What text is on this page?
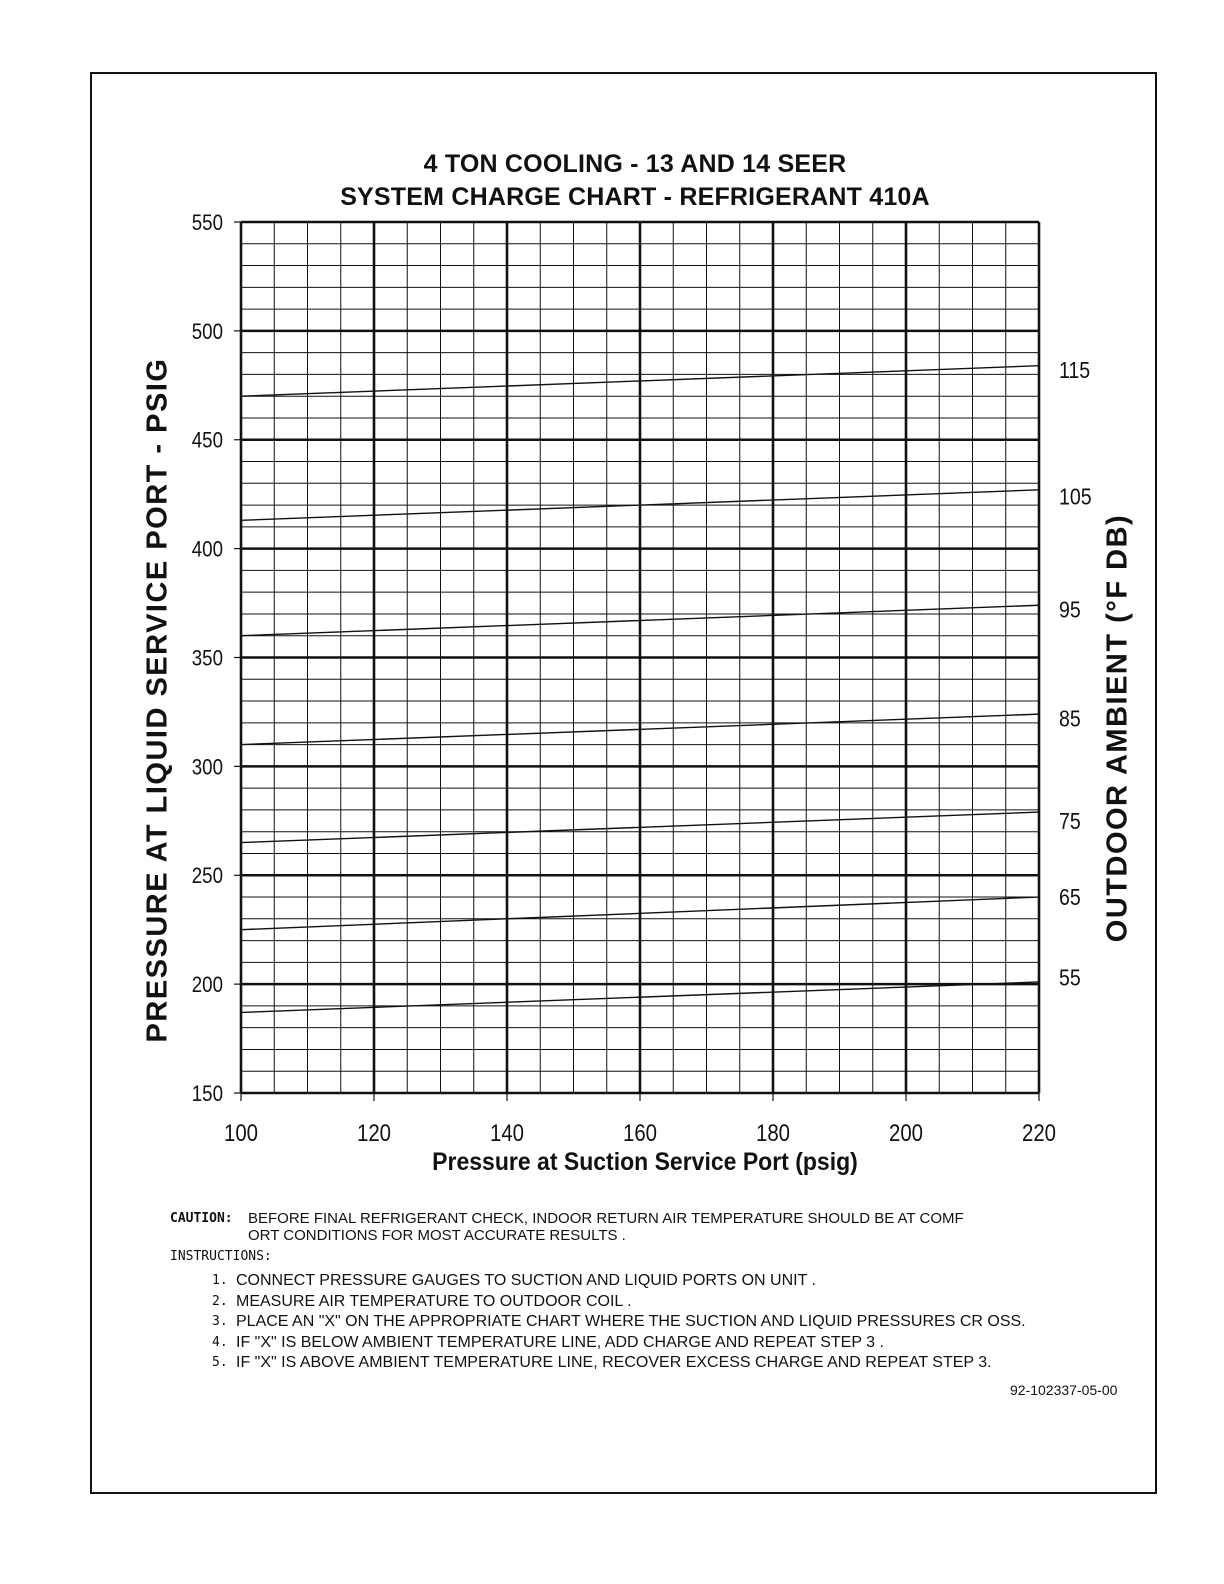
4 TON COOLING - 13 AND 14 SEER
SYSTEM CHARGE CHART - REFRIGERANT 410A
150
200
250
300
350
400
450
500
550
100	120	140	160	180	200	220
115
105
95
85
75
65
55
PRESSURE AT LIQUID SERVICE PORT - PSIG	OUTDOOR AMBIENT (°F DB)
Pressure at Suction Service Port (psig)
CAUTION:	BEFORE FINAL REFRIGERANT CHECK, INDOOR RETURN AIR TEMPERATURE SHOULD BE AT COMF ORT CONDITIONS FOR MOST ACCURATE RESULTS .
INSTRUCTIONS:
1. CONNECT PRESSURE GAUGES TO SUCTION AND LIQUID PORTS ON UNIT .
2. MEASURE AIR TEMPERATURE TO OUTDOOR COIL .
3. PLACE AN "X" ON THE APPROPRIATE CHART WHERE THE SUCTION AND LIQUID PRESSURES CR OSS.
4. IF "X" IS BELOW AMBIENT TEMPERATURE LINE, ADD CHARGE AND REPEAT STEP 3 .
5. IF "X" IS ABOVE AMBIENT TEMPERATURE LINE, RECOVER EXCESS CHARGE AND REPEAT STEP 3.
92-102337-05-00
